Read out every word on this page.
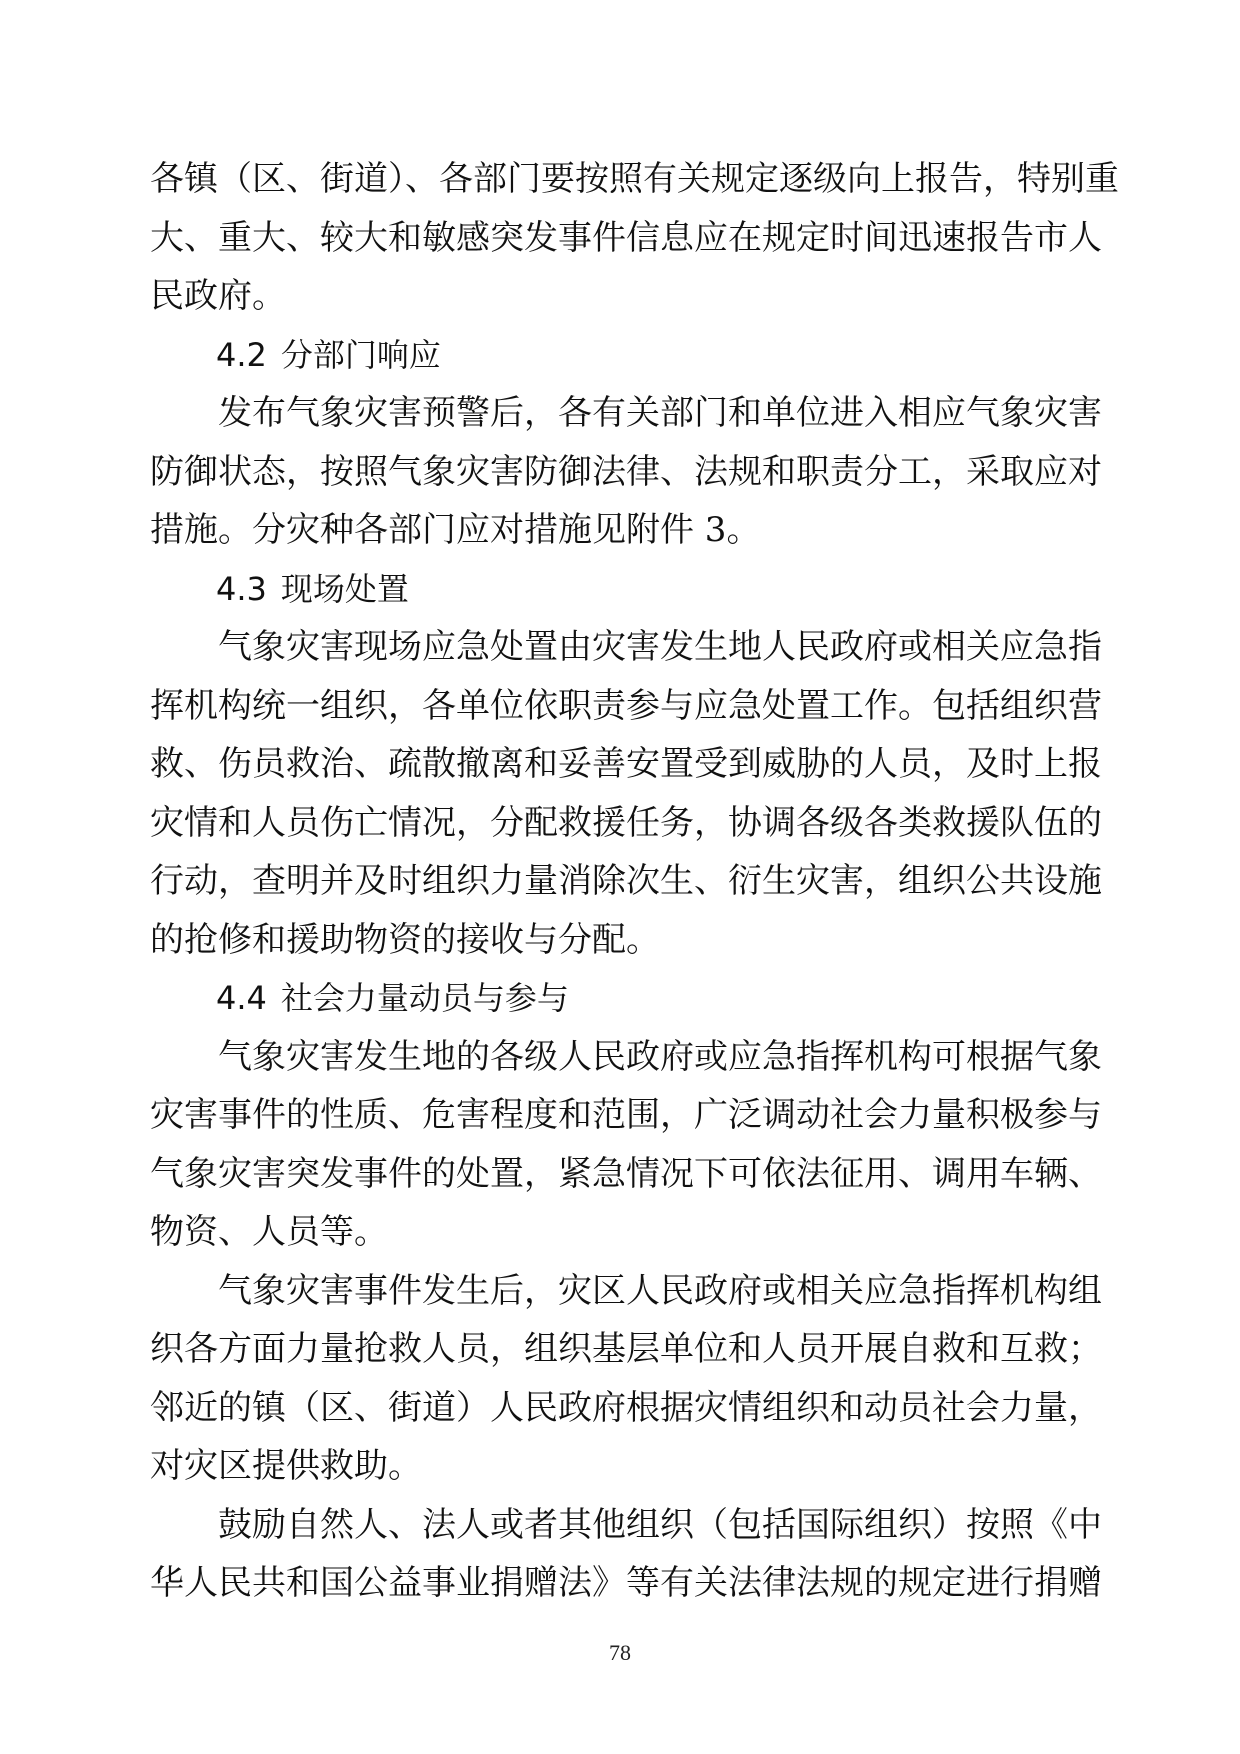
各镇（区、街道）、各部门要按照有关规定逐级向上报告，特别重
大、重大、较大和敏感突发事件信息应在规定时间迅速报告市人
民政府。
4.2 分部门响应
发布气象灾害预警后，各有关部门和单位进入相应气象灾害
防御状态，按照气象灾害防御法律、法规和职责分工，采取应对
措施。分灾种各部门应对措施见附件 3。
4.3 现场处置
气象灾害现场应急处置由灾害发生地人民政府或相关应急指
挥机构统一组织，各单位依职责参与应急处置工作。包括组织营
救、伤员救治、疏散撤离和妥善安置受到威胁的人员，及时上报
灾情和人员伤亡情况，分配救援任务，协调各级各类救援队伍的
行动，查明并及时组织力量消除次生、衍生灾害，组织公共设施
的抢修和援助物资的接收与分配。
4.4 社会力量动员与参与
气象灾害发生地的各级人民政府或应急指挥机构可根据气象
灾害事件的性质、危害程度和范围，广泛调动社会力量积极参与
气象灾害突发事件的处置，紧急情况下可依法征用、调用车辆、
物资、人员等。
气象灾害事件发生后，灾区人民政府或相关应急指挥机构组
织各方面力量抢救人员，组织基层单位和人员开展自救和互救；
邻近的镇（区、街道）人民政府根据灾情组织和动员社会力量，
对灾区提供救助。
鼓励自然人、法人或者其他组织（包括国际组织）按照《中
华人民共和国公益事业捐赠法》等有关法律法规的规定进行捐赠
78
